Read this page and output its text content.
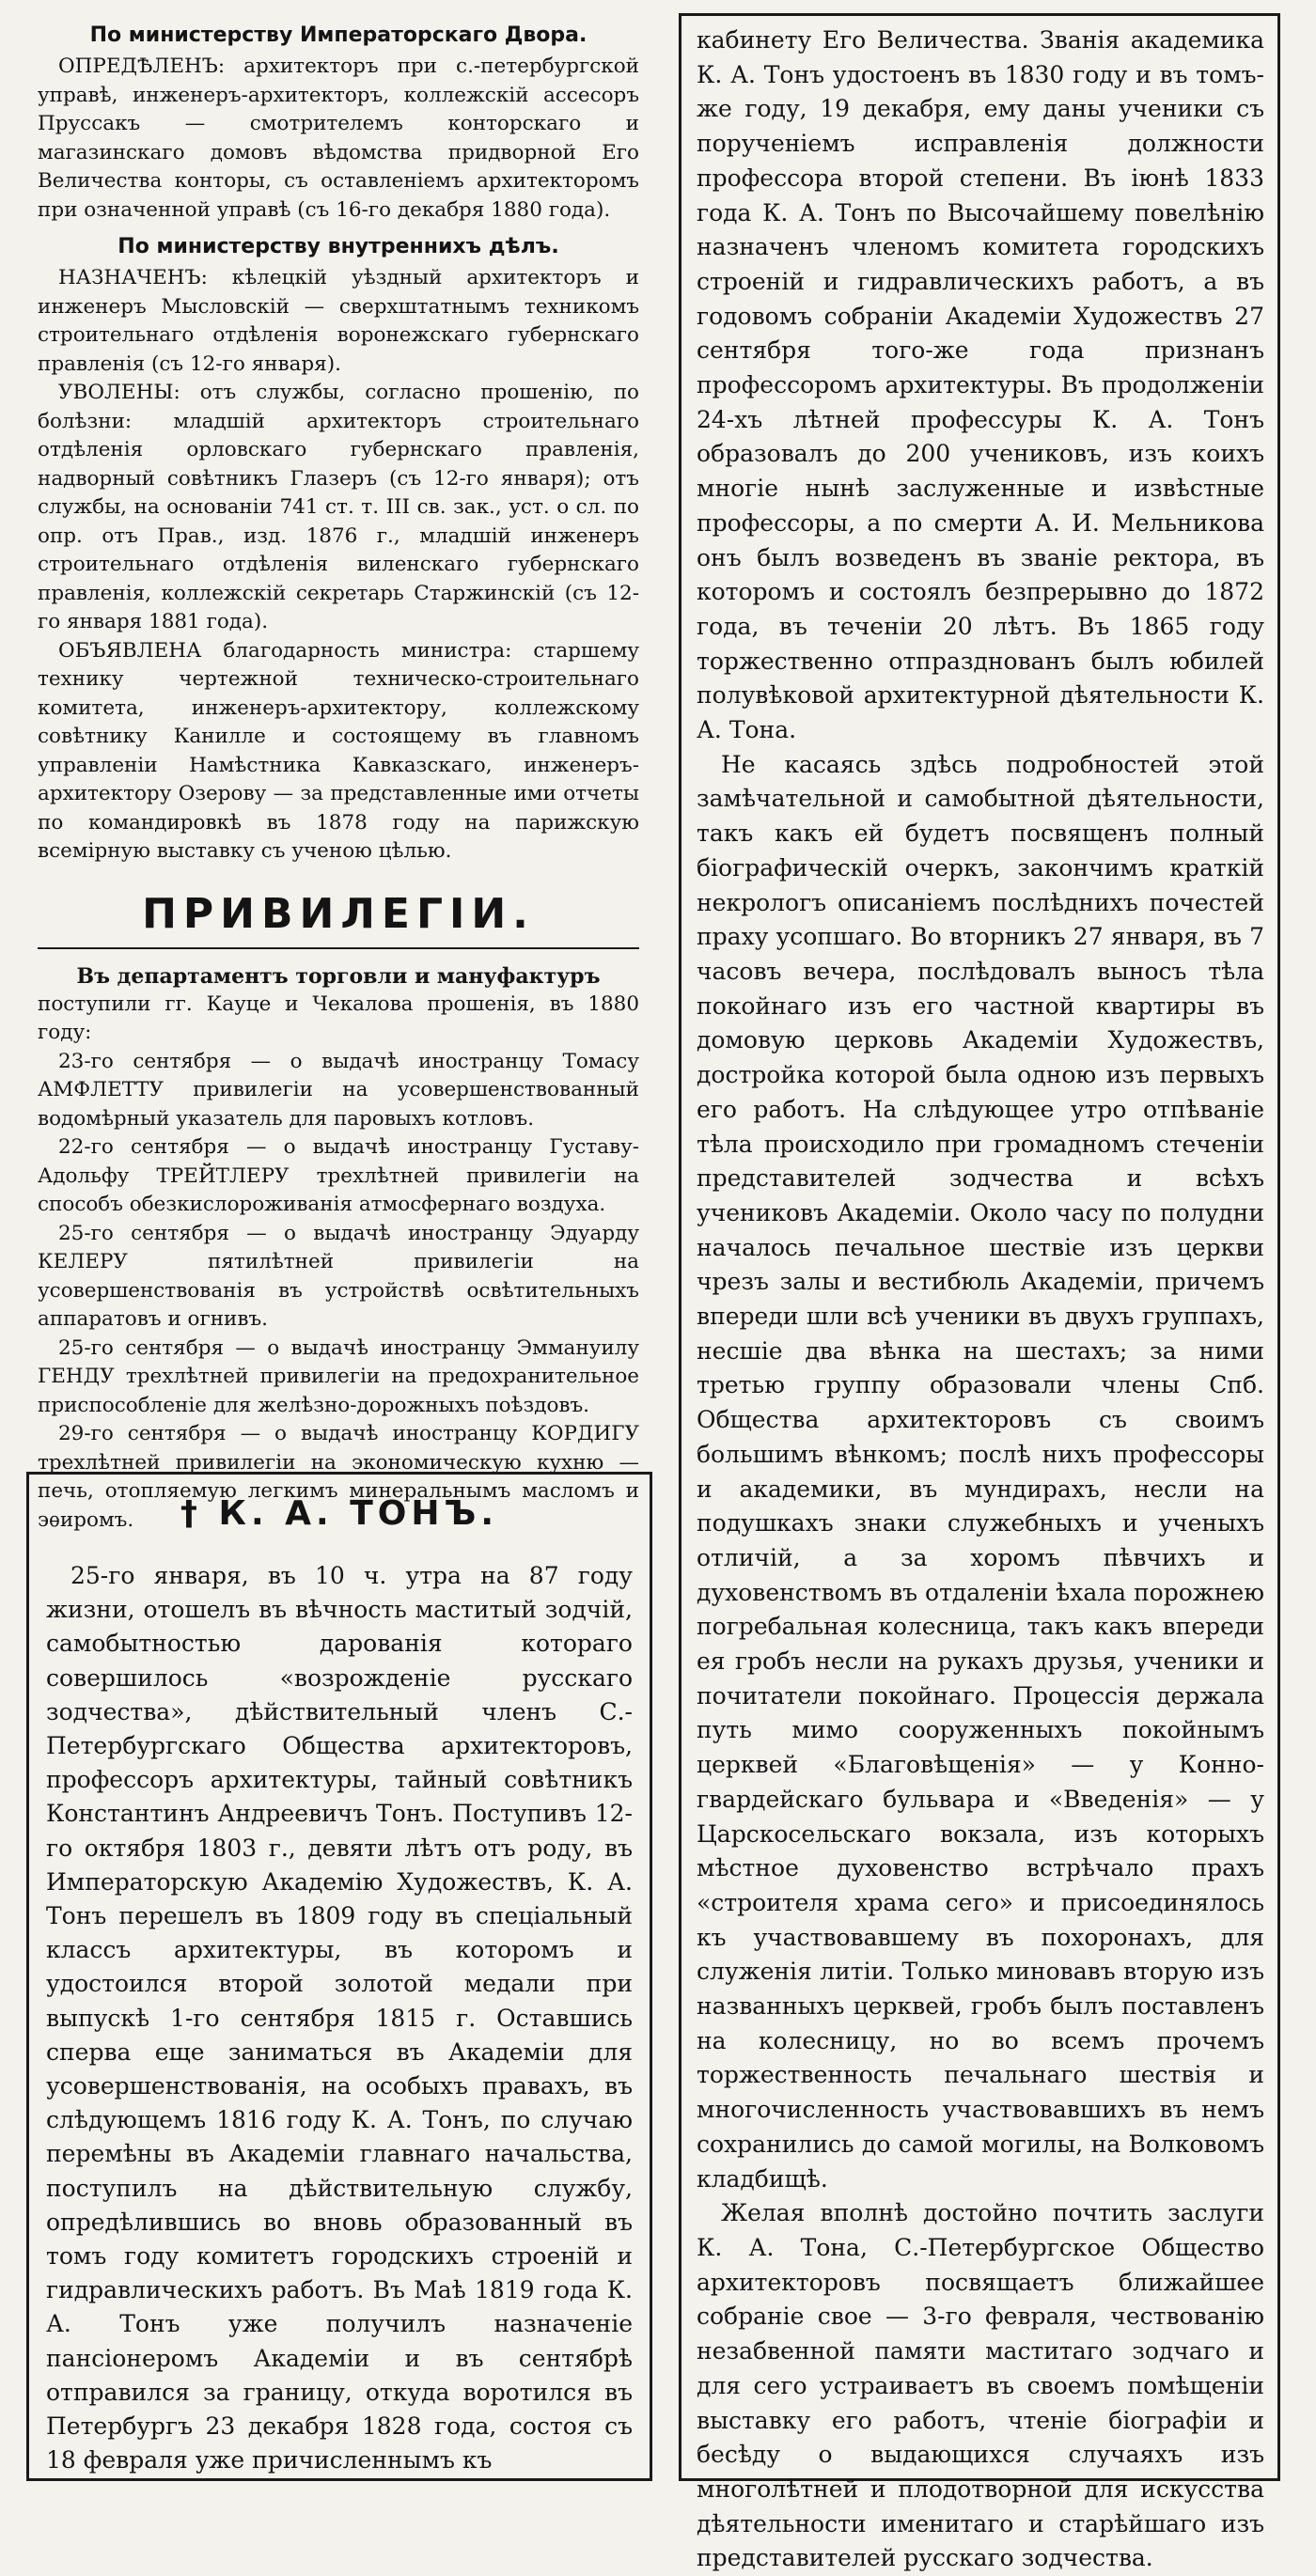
По министерству Императорскаго Двора.

ОПРЕДѢЛЕНЪ: архитекторъ при с.-петербургской управѣ, инженеръ-архитекторъ, коллежскій ассесоръ Пруссакъ — смотрителемъ конторскаго и магазинскаго домовъ вѣдомства придворной Его Величества конторы, съ оставленіемъ архитекторомъ при означенной управѣ (съ 16-го декабря 1880 года).

По министерству внутреннихъ дѣлъ.

НАЗНАЧЕНЪ: кѣлецкій уѣздный архитекторъ и инженеръ Мысловскій — сверхштатнымъ техникомъ строительнаго отдѣленія воронежскаго губернскаго правленія (съ 12-го января).

УВОЛЕНЫ: отъ службы, согласно прошенію, по болѣзни: младшій архитекторъ строительнаго отдѣленія орловскаго губернскаго правленія, надворный совѣтникъ Глазеръ (съ 12-го января); отъ службы, на основаніи 741 ст. т. III св. зак., уст. о сл. по опр. отъ Прав., изд. 1876 г., младшій инженеръ строительнаго отдѣленія виленскаго губернскаго правленія, коллежскій секретарь Старжинскій (съ 12-го января 1881 года).

ОБЪЯВЛЕНА благодарность министра: старшему технику чертежной техническо-строительнаго комитета, инженеръ-архитектору, коллежскому совѣтнику Канилле и состоящему въ главномъ управленіи Намѣстника Кавказскаго, инженеръ-архитектору Озерову — за представленные ими отчеты по командировкѣ въ 1878 году на парижскую всемірную выставку съ ученою цѣлью.

ПРИВИЛЕГІИ.

Въ департаментъ торговли и мануфактуръ

поступили гг. Кауце и Чекалова прошенія, въ 1880 году:

23-го сентября — о выдачѣ иностранцу Томасу АМФЛЕТТУ привилегіи на усовершенствованный водомѣрный указатель для паровыхъ котловъ.

22-го сентября — о выдачѣ иностранцу Густаву-Адольфу ТРЕЙТЛЕРУ трехлѣтней привилегіи на способъ обезкислороживанія атмосфернаго воздуха.

25-го сентября — о выдачѣ иностранцу Эдуарду КЕЛЕРУ пятилѣтней привилегіи на усовершенствованія въ устройствѣ освѣтительныхъ аппаратовъ и огнивъ.

25-го сентября — о выдачѣ иностранцу Эммануилу ГЕНДУ трехлѣтней привилегіи на предохранительное приспособленіе для желѣзно-дорожныхъ поѣздовъ.

29-го сентября — о выдачѣ иностранцу КОРДИГУ трехлѣтней привилегіи на экономическую кухню — печь, отопляемую легкимъ минеральнымъ масломъ и эѳиромъ.	† К. А. ТОНЪ.

25-го января, въ 10 ч. утра на 87 году жизни, отошелъ въ вѣчность маститый зодчій, самобытностью дарованія котораго совершилось «возрожденіе русскаго зодчества», дѣйствительный членъ С.-Петербургскаго Общества архитекторовъ, профессоръ архитектуры, тайный совѣтникъ Константинъ Андреевичъ Тонъ. Поступивъ 12-го октября 1803 г., девяти лѣтъ отъ роду, въ Императорскую Академію Художествъ, К. А. Тонъ перешелъ въ 1809 году въ спеціальный классъ архитектуры, въ которомъ и удостоился второй золотой медали при выпускѣ 1-го сентября 1815 г. Оставшись сперва еще заниматься въ Академіи для усовершенствованія, на особыхъ правахъ, въ слѣдующемъ 1816 году К. А. Тонъ, по случаю перемѣны въ Академіи главнаго начальства, поступилъ на дѣйствительную службу, опредѣлившись во вновь образованный въ томъ году комитетъ городскихъ строеній и гидравлическихъ работъ. Въ Маѣ 1819 года К. А. Тонъ уже получилъ назначеніе пансіонеромъ Академіи и въ сентябрѣ отправился за границу, откуда воротился въ Петербургъ 23 декабря 1828 года, состоя съ 18 февраля уже причисленнымъ къ

кабинету Его Величества. Званія академика К. А. Тонъ удостоенъ въ 1830 году и въ томъ-же году, 19 декабря, ему даны ученики съ порученіемъ исправленія должности профессора второй степени. Въ іюнѣ 1833 года К. А. Тонъ по Высочайшему повелѣнію назначенъ членомъ комитета городскихъ строеній и гидравлическихъ работъ, а въ годовомъ собраніи Академіи Художествъ 27 сентября того-же года признанъ профессоромъ архитектуры. Въ продолженіи 24-хъ лѣтней профессуры К. А. Тонъ образовалъ до 200 учениковъ, изъ коихъ многіе нынѣ заслуженные и извѣстные профессоры, а по смерти А. И. Мельникова онъ былъ возведенъ въ званіе ректора, въ которомъ и состоялъ безпрерывно до 1872 года, въ теченіи 20 лѣтъ. Въ 1865 году торжественно отпразднованъ былъ юбилей полувѣковой архитектурной дѣятельности К. А. Тона.

Не касаясь здѣсь подробностей этой замѣчательной и самобытной дѣятельности, такъ какъ ей будетъ посвященъ полный біографическій очеркъ, закончимъ краткій некрологъ описаніемъ послѣднихъ почестей праху усопшаго. Во вторникъ 27 января, въ 7 часовъ вечера, послѣдовалъ выносъ тѣла покойнаго изъ его частной квартиры въ домовую церковь Академіи Художествъ, достройка которой была одною изъ первыхъ его работъ. На слѣдующее утро отпѣваніе тѣла происходило при громадномъ стеченіи представителей зодчества и всѣхъ учениковъ Академіи. Около часу по полудни началось печальное шествіе изъ церкви чрезъ залы и вестибюль Академіи, причемъ впереди шли всѣ ученики въ двухъ группахъ, несшіе два вѣнка на шестахъ; за ними третью группу образовали члены Спб. Общества архитекторовъ съ своимъ большимъ вѣнкомъ; послѣ нихъ профессоры и академики, въ мундирахъ, несли на подушкахъ знаки служебныхъ и ученыхъ отличій, а за хоромъ пѣвчихъ и духовенствомъ въ отдаленіи ѣхала порожнею погребальная колесница, такъ какъ впереди ея гробъ несли на рукахъ друзья, ученики и почитатели покойнаго. Процессія держала путь мимо сооруженныхъ покойнымъ церквей «Благовѣщенія» — у Конно-гвардейскаго бульвара и «Введенія» — у Царскосельскаго вокзала, изъ которыхъ мѣстное духовенство встрѣчало прахъ «строителя храма сего» и присоединялось къ участвовавшему въ похоронахъ, для служенія литіи. Только миновавъ вторую изъ названныхъ церквей, гробъ былъ поставленъ на колесницу, но во всемъ прочемъ торжественность печальнаго шествія и многочисленность участвовавшихъ въ немъ сохранились до самой могилы, на Волковомъ кладбищѣ.

Желая вполнѣ достойно почтить заслуги К. А. Тона, С.-Петербургское Общество архитекторовъ посвящаетъ ближайшее собраніе свое — 3-го февраля, чествованію незабвенной памяти маститаго зодчаго и для сего устраиваетъ въ своемъ помѣщеніи выставку его работъ, чтеніе біографіи и бесѣду о выдающихся случаяхъ изъ многолѣтней и плодотворной для искусства дѣятельности именитаго и старѣйшаго изъ представителей русскаго зодчества.
